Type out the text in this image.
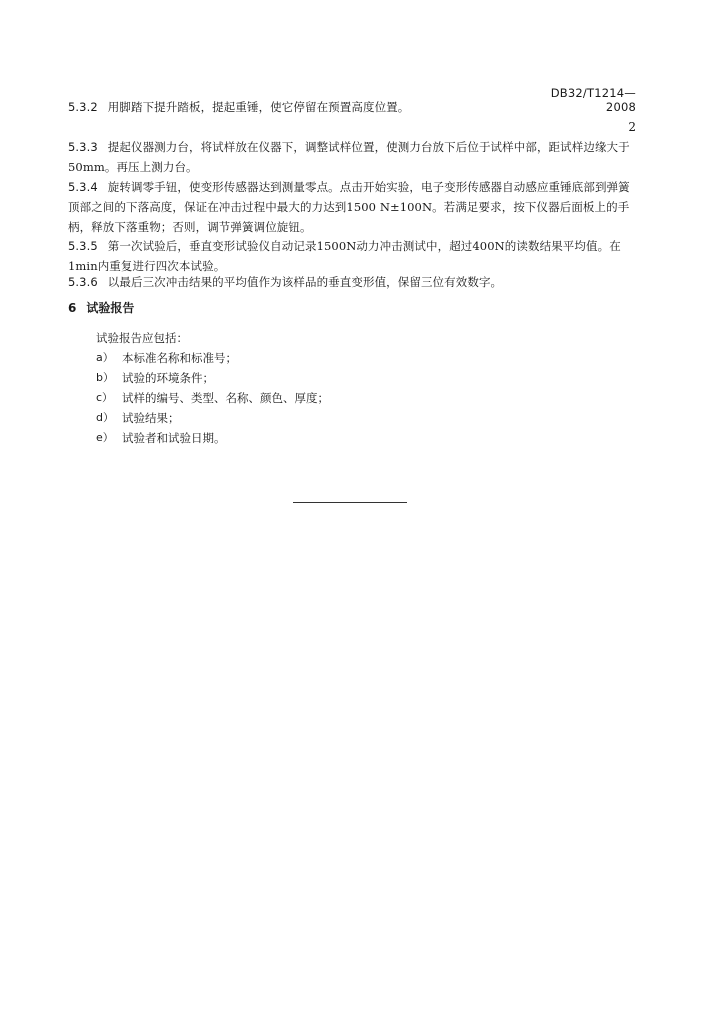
DB32/T1214—2008
5.3.2 用脚踏下提升踏板，提起重锤，使它停留在预置高度位置。
2
5.3.3 提起仪器测力台，将试样放在仪器下，调整试样位置，使测力台放下后位于试样中部，距试样边缘大于50mm。再压上测力台。
5.3.4 旋转调零手钮，使变形传感器达到测量零点。点击开始实验，电子变形传感器自动感应重锤底部到弹簧顶部之间的下落高度，保证在冲击过程中最大的力达到1500 N±100N。若满足要求，按下仪器后面板上的手柄，释放下落重物；否则，调节弹簧调位旋钮。
5.3.5 第一次试验后，垂直变形试验仪自动记录1500N动力冲击测试中，超过400N的读数结果平均值。在1min内重复进行四次本试验。
5.3.6 以最后三次冲击结果的平均值作为该样品的垂直变形值，保留三位有效数字。
6 试验报告
试验报告应包括：
a） 本标准名称和标准号；
b） 试验的环境条件；
c） 试样的编号、类型、名称、颜色、厚度；
d） 试验结果；
e） 试验者和试验日期。
